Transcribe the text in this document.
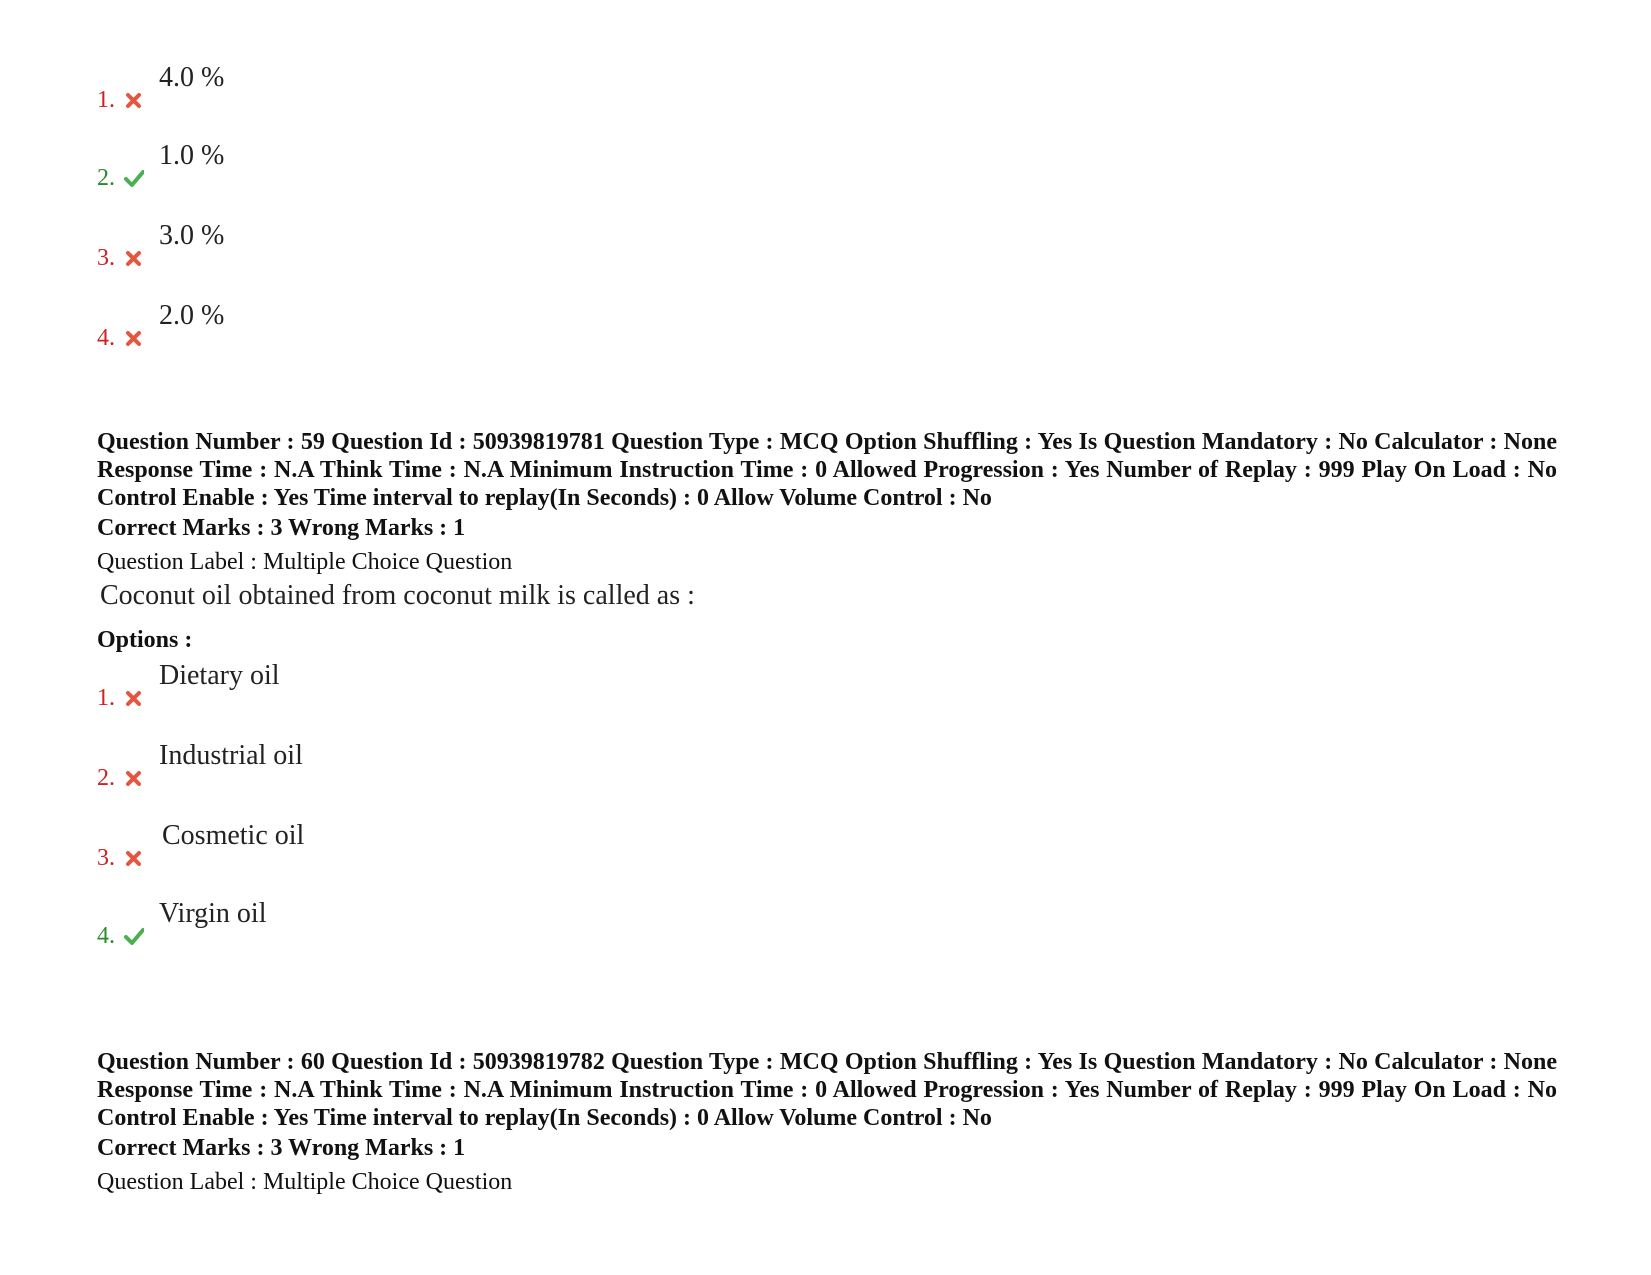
1.
4.0 %
2.
1.0 %
3.
3.0 %
4.
2.0 %
Question Number : 59 Question Id : 50939819781 Question Type : MCQ Option Shuffling : Yes Is Question Mandatory : No Calculator : None Response Time : N.A Think Time : N.A Minimum Instruction Time : 0 Allowed Progression : Yes Number of Replay : 999 Play On Load : No Control Enable : Yes Time interval to replay(In Seconds) : 0 Allow Volume Control : No
Correct Marks : 3 Wrong Marks : 1
Question Label : Multiple Choice Question
Coconut oil obtained from coconut milk is called as :
Options :
1.
Dietary oil
2.
Industrial oil
3.
Cosmetic oil
4.
Virgin oil
Question Number : 60 Question Id : 50939819782 Question Type : MCQ Option Shuffling : Yes Is Question Mandatory : No Calculator : None Response Time : N.A Think Time : N.A Minimum Instruction Time : 0 Allowed Progression : Yes Number of Replay : 999 Play On Load : No Control Enable : Yes Time interval to replay(In Seconds) : 0 Allow Volume Control : No
Correct Marks : 3 Wrong Marks : 1
Question Label : Multiple Choice Question
